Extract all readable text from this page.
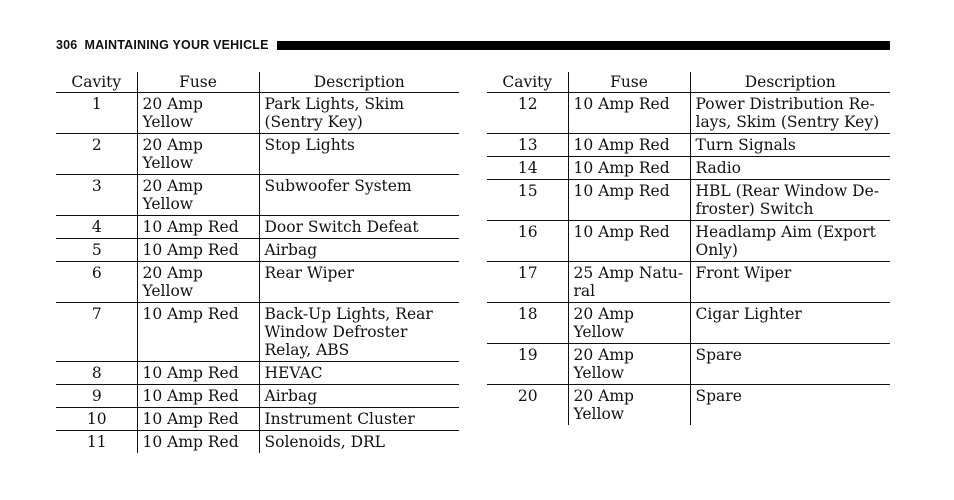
306 MAINTAINING YOUR VEHICLE
Cavity	Fuse	Description
1	20 Amp Yellow	Park Lights, Skim (Sentry Key)
2	20 Amp Yellow	Stop Lights
3	20 Amp Yellow	Subwoofer System
4	10 Amp Red	Door Switch Defeat
5	10 Amp Red	Airbag
6	20 Amp Yellow	Rear Wiper
7	10 Amp Red	Back-Up Lights, Rear Window Defroster Relay, ABS
8	10 Amp Red	HEVAC
9	10 Amp Red	Airbag
10	10 Amp Red	Instrument Cluster
11	10 Amp Red	Solenoids, DRL
Cavity	Fuse	Description
12	10 Amp Red	Power Distribution Re- lays, Skim (Sentry Key)
13	10 Amp Red	Turn Signals
14	10 Amp Red	Radio
15	10 Amp Red	HBL (Rear Window De- froster) Switch
16	10 Amp Red	Headlamp Aim (Export Only)
17	25 Amp Natu- ral	Front Wiper
18	20 Amp Yellow	Cigar Lighter
19	20 Amp Yellow	Spare
20	20 Amp Yellow	Spare
